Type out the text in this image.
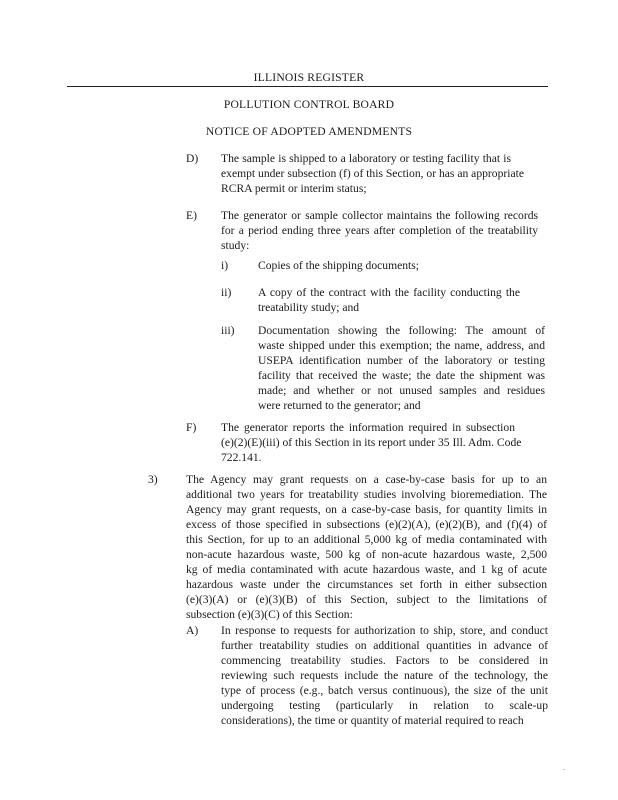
ILLINOIS REGISTER
POLLUTION CONTROL BOARD
NOTICE OF ADOPTED AMENDMENTS
D) The sample is shipped to a laboratory or testing facility that is
exempt under subsection (f) of this Section, or has an appropriate
RCRA permit or interim status;
E) The generator or sample collector maintains the following records
for a period ending three years after completion of the treatability
study:
i)	Copies of the shipping documents;
ii) A copy of the contract with the facility conducting the
treatability study; and
iii) Documentation showing the following: The amount of
waste shipped under this exemption; the name, address, and
USEPA identification number of the laboratory or testing
facility that received the waste; the date the shipment was
made; and whether or not unused samples and residues
were returned to the generator; and
F) The generator reports the information required in subsection
(e)(2)(E)(iii) of this Section in its report under 35 Ill. Adm. Code
722.141.
3) The Agency may grant requests on a case-by-case basis for up to an
additional two years for treatability studies involving bioremediation. The
Agency may grant requests, on a case-by-case basis, for quantity limits in
excess of those specified in subsections (e)(2)(A), (e)(2)(B), and (f)(4) of
this Section, for up to an additional 5,000 kg of media contaminated with
non-acute hazardous waste, 500 kg of non-acute hazardous waste, 2,500
kg of media contaminated with acute hazardous waste, and 1 kg of acute
hazardous waste under the circumstances set forth in either subsection
(e)(3)(A) or (e)(3)(B) of this Section, subject to the limitations of
subsection (e)(3)(C) of this Section:
A) In response to requests for authorization to ship, store, and conduct
further treatability studies on additional quantities in advance of
commencing treatability studies. Factors to be considered in
reviewing such requests include the nature of the technology, the
type of process (e.g., batch versus continuous), the size of the unit
undergoing testing (particularly in relation to scale-up
considerations), the time or quantity of material required to reach
.
